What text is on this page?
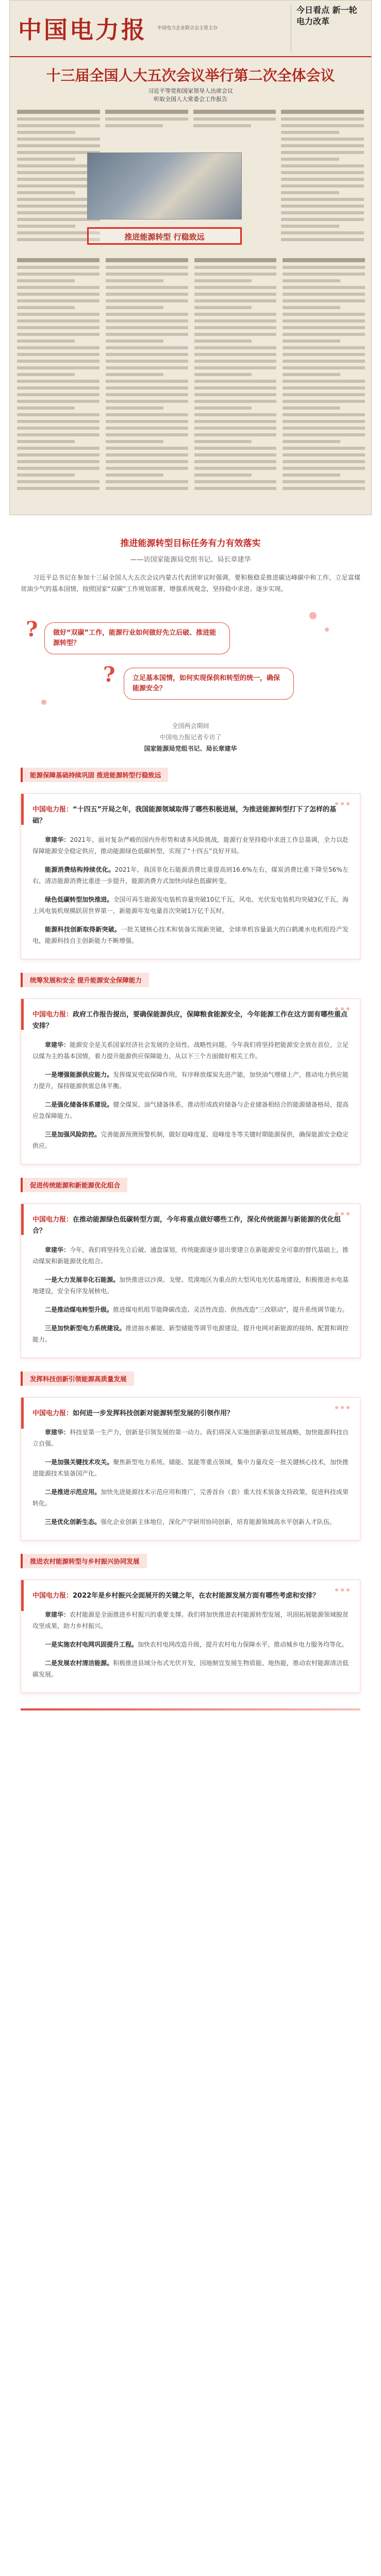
中国电力报 中国电力企业联合会主管主办
今日看点 新一轮电力改革
十三届全国人大五次会议举行第二次全体会议
习近平等党和国家领导人出席会议
听取全国人大常委会工作报告
推进能源转型 行稳致远
推进能源转型目标任务有力有效落实
——访国家能源局党组书记、局长章建华

习近平总书记在参加十三届全国人大五次会议内蒙古代表团审议时强调，要积极稳妥推进碳达峰碳中和工作，立足富煤贫油少气的基本国情，按照国家“双碳”工作规划部署，增强系统观念，坚持稳中求进、逐步实现。

?	做好“双碳”工作，能源行业如何做好先立后破、推进能源转型？
?	立足基本国情，如何实现保供和转型的统一，确保能源安全？
全国两会期间
中国电力报记者专访了
国家能源局党组书记、局长章建华
能源保障基础持续巩固 推进能源转型行稳致远
中国电力报：“十四五”开局之年，我国能源领域取得了哪些积极进展，为推进能源转型打下了怎样的基础？

章建华：2021年，面对复杂严峻的国内外形势和诸多风险挑战，能源行业坚持稳中求进工作总基调，全力以赴保障能源安全稳定供应，推动能源绿色低碳转型，实现了“十四五”良好开局。

能源消费结构持续优化。2021年，我国非化石能源消费比重提高到16.6%左右，煤炭消费比重下降至56%左右，清洁能源消费比重进一步提升，能源消费方式加快向绿色低碳转变。

绿色低碳转型加快推进。全国可再生能源发电装机容量突破10亿千瓦，风电、光伏发电装机均突破3亿千瓦，海上风电装机规模跃居世界第一，新能源年发电量首次突破1万亿千瓦时。

能源科技创新取得新突破。一批关键核心技术和装备实现新突破，全球单机容量最大的白鹤滩水电机组投产发电，能源科技自主创新能力不断增强。

统筹发展和安全 提升能源安全保障能力
中国电力报：政府工作报告提出，要确保能源供应，保障粮食能源安全，今年能源工作在这方面有哪些重点安排？

章建华：能源安全是关系国家经济社会发展的全局性、战略性问题。今年我们将坚持把能源安全放在首位，立足以煤为主的基本国情，着力提升能源供应保障能力，从以下三个方面做好相关工作。

一是增强能源供应能力。发挥煤炭兜底保障作用，有序释放煤炭先进产能，加快油气增储上产，推动电力供应能力提升，保持能源供需总体平衡。

二是强化储备体系建设。健全煤炭、油气储备体系，推动形成政府储备与企业储备相结合的能源储备格局，提高应急保障能力。

三是加强风险防控。完善能源预测预警机制，做好迎峰度夏、迎峰度冬等关键时期能源保供，确保能源安全稳定供应。

促进传统能源和新能源优化组合
中国电力报：在推动能源绿色低碳转型方面，今年将重点做好哪些工作，深化传统能源与新能源的优化组合？

章建华：今年，我们将坚持先立后破、通盘谋划，传统能源逐步退出要建立在新能源安全可靠的替代基础上，推动煤炭和新能源优化组合。

一是大力发展非化石能源。加快推进以沙漠、戈壁、荒漠地区为重点的大型风电光伏基地建设，积极推进水电基地建设，安全有序发展核电。

二是推动煤电转型升级。推进煤电机组节能降碳改造、灵活性改造、供热改造“三改联动”，提升系统调节能力。

三是加快新型电力系统建设。推进抽水蓄能、新型储能等调节电源建设，提升电网对新能源的接纳、配置和调控能力。

发挥科技创新引领能源高质量发展
中国电力报：如何进一步发挥科技创新对能源转型发展的引领作用？

章建华：科技是第一生产力，创新是引领发展的第一动力。我们将深入实施创新驱动发展战略，加快能源科技自立自强。

一是加强关键技术攻关。聚焦新型电力系统、储能、氢能等重点领域，集中力量攻克一批关键核心技术，加快推进能源技术装备国产化。

二是推进示范应用。加快先进能源技术示范应用和推广，完善首台（套）重大技术装备支持政策，促进科技成果转化。

三是优化创新生态。强化企业创新主体地位，深化产学研用协同创新，培育能源领域高水平创新人才队伍。

推进农村能源转型与乡村振兴协同发展
中国电力报：2022年是乡村振兴全面展开的关键之年，在农村能源发展方面有哪些考虑和安排？

章建华：农村能源是全面推进乡村振兴的重要支撑。我们将加快推进农村能源转型发展，巩固拓展能源领域脱贫攻坚成果，助力乡村振兴。

一是实施农村电网巩固提升工程。加快农村电网改造升级，提升农村电力保障水平，推动城乡电力服务均等化。

二是发展农村清洁能源。积极推进县域分布式光伏开发，因地制宜发展生物质能、地热能，推动农村能源清洁低碳发展。
